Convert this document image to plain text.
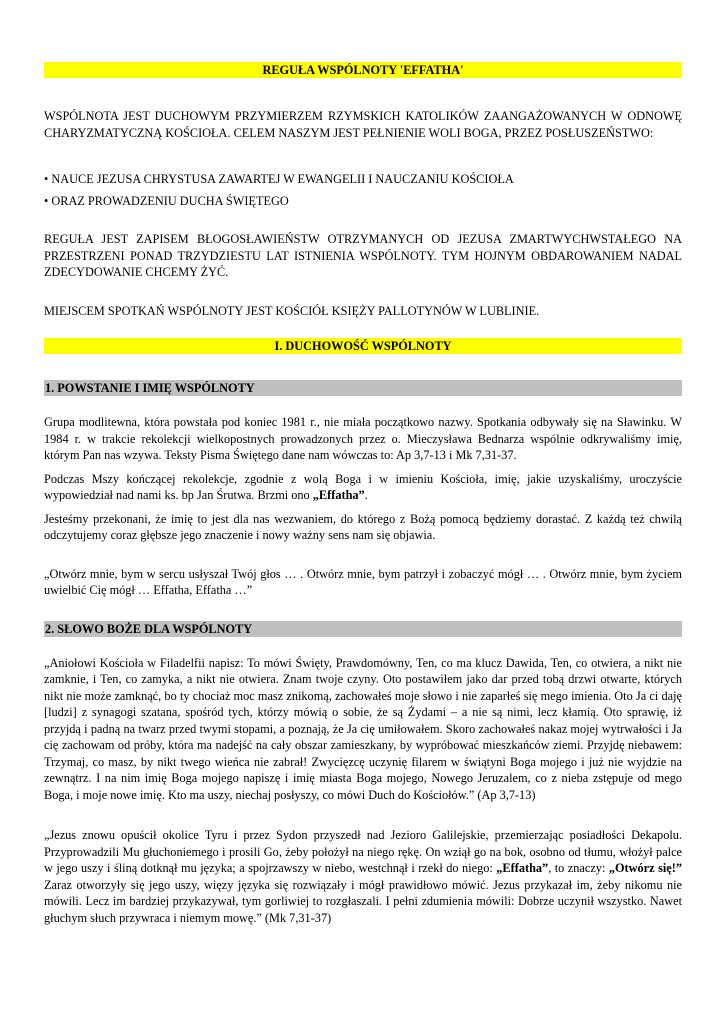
REGUŁA WSPÓLNOTY 'EFFATHA'

WSPÓLNOTA JEST DUCHOWYM PRZYMIERZEM RZYMSKICH KATOLIKÓW ZAANGAŻOWANYCH W ODNOWĘ CHARYZMATYCZNĄ KOŚCIOŁA. CELEM NASZYM JEST PEŁNIENIE WOLI BOGA, PRZEZ POSŁUSZEŃSTWO:

• NAUCE JEZUSA CHRYSTUSA ZAWARTEJ W EWANGELII I NAUCZANIU KOŚCIOŁA
• ORAZ PROWADZENIU DUCHA ŚWIĘTEGO

REGUŁA JEST ZAPISEM BŁOGOSŁAWIEŃSTW OTRZYMANYCH OD JEZUSA ZMARTWYCHWSTAŁEGO NA PRZESTRZENI PONAD TRZYDZIESTU LAT ISTNIENIA WSPÓLNOTY. TYM HOJNYM OBDAROWANIEM NADAL ZDECYDOWANIE CHCEMY ŻYĆ.

MIEJSCEM SPOTKAŃ WSPÓLNOTY JEST KOŚCIÓŁ KSIĘŻY PALLOTYNÓW W LUBLINIE.

I. DUCHOWOŚĆ WSPÓLNOTY
1. POWSTANIE I IMIĘ WSPÓLNOTY

Grupa modlitewna, która powstała pod koniec 1981 r., nie miała początkowo nazwy. Spotkania odbywały się na Sławinku. W 1984 r. w trakcie rekolekcji wielkopostnych prowadzonych przez o. Mieczysława Bednarza wspólnie odkrywaliśmy imię, którym Pan nas wzywa. Teksty Pisma Świętego dane nam wówczas to: Ap 3,7-13 i Mk 7,31-37.

Podczas Mszy kończącej rekolekcje, zgodnie z wolą Boga i w imieniu Kościoła, imię, jakie uzyskaliśmy, uroczyście wypowiedział nad nami ks. bp Jan Śrutwa. Brzmi ono „Effatha”.

Jesteśmy przekonani, że imię to jest dla nas wezwaniem, do którego z Bożą pomocą będziemy dorastać. Z każdą też chwilą odczytujemy coraz głębsze jego znaczenie i nowy ważny sens nam się objawia.

„Otwórz mnie, bym w sercu usłyszał Twój głos … . Otwórz mnie, bym patrzył i zobaczyć mógł … . Otwórz mnie, bym życiem uwielbić Cię mógł … Effatha, Effatha …”

2. SŁOWO BOŻE DLA WSPÓLNOTY

„Aniołowi Kościoła w Filadelfii napisz: To mówi Święty, Prawdomówny, Ten, co ma klucz Dawida, Ten, co otwiera, a nikt nie zamknie, i Ten, co zamyka, a nikt nie otwiera. Znam twoje czyny. Oto postawiłem jako dar przed tobą drzwi otwarte, których nikt nie może zamknąć, bo ty chociaż moc masz znikomą, zachowałeś moje słowo i nie zaparłeś się mego imienia. Oto Ja ci daję [ludzi] z synagogi szatana, spośród tych, którzy mówią o sobie, że są Żydami – a nie są nimi, lecz kłamią. Oto sprawię, iż przyjdą i padną na twarz przed twymi stopami, a poznają, że Ja cię umiłowałem. Skoro zachowałeś nakaz mojej wytrwałości i Ja cię zachowam od próby, która ma nadejść na cały obszar zamieszkany, by wypróbować mieszkańców ziemi. Przyjdę niebawem: Trzymaj, co masz, by nikt twego wieńca nie zabrał! Zwycięzcę uczynię filarem w świątyni Boga mojego i już nie wyjdzie na zewnątrz. I na nim imię Boga mojego napiszę i imię miasta Boga mojego, Nowego Jeruzalem, co z nieba zstępuje od mego Boga, i moje nowe imię. Kto ma uszy, niechaj posłyszy, co mówi Duch do Kościołów.” (Ap 3,7-13)

„Jezus znowu opuścił okolice Tyru i przez Sydon przyszedł nad Jezioro Galilejskie, przemierzając posiadłości Dekapolu. Przyprowadzili Mu głuchoniemego i prosili Go, żeby położył na niego rękę. On wziął go na bok, osobno od tłumu, włożył palce w jego uszy i śliną dotknął mu języka; a spojrzawszy w niebo, westchnął i rzekł do niego: „Effatha”, to znaczy: „Otwórz się!” Zaraz otworzyły się jego uszy, więzy języka się rozwiązały i mógł prawidłowo mówić. Jezus przykazał im, żeby nikomu nie mówili. Lecz im bardziej przykazywał, tym gorliwiej to rozgłaszali. I pełni zdumienia mówili: Dobrze uczynił wszystko. Nawet głuchym słuch przywraca i niemym mowę.” (Mk 7,31-37)
